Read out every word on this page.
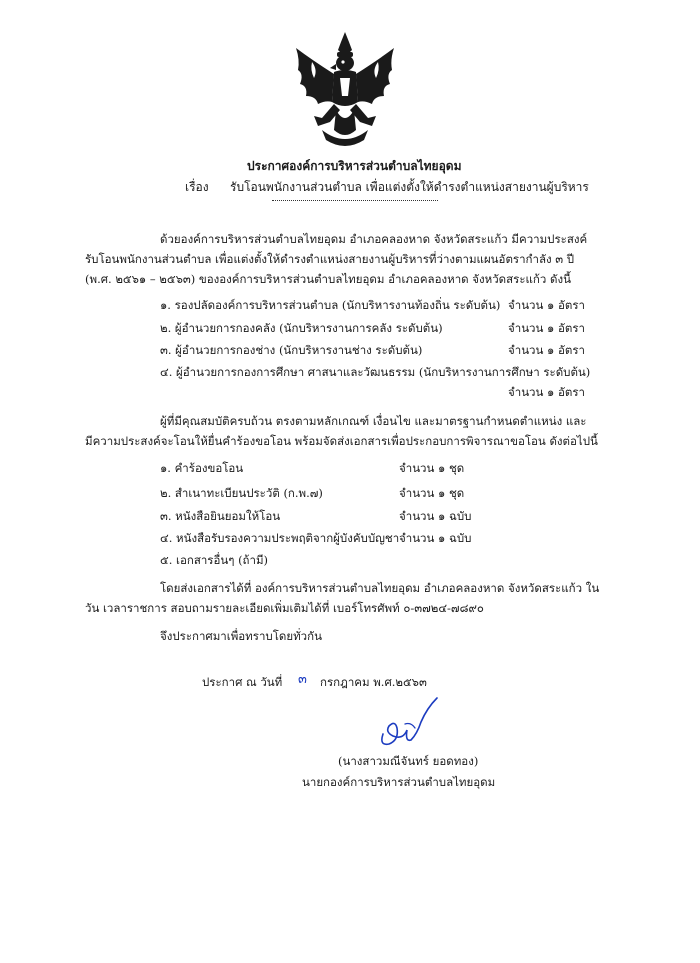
ประกาศองค์การบริหารส่วนตำบลไทยอุดม
เรื่อง รับโอนพนักงานส่วนตำบล เพื่อแต่งตั้งให้ดำรงตำแหน่งสายงานผู้บริหาร
ด้วยองค์การบริหารส่วนตำบลไทยอุดม อำเภอคลองหาด จังหวัดสระแก้ว มีความประสงค์
รับโอนพนักงานส่วนตำบล เพื่อแต่งตั้งให้ดำรงตำแหน่งสายงานผู้บริหารที่ว่างตามแผนอัตรากำลัง ๓ ปี
(พ.ศ. ๒๕๖๑ – ๒๕๖๓) ขององค์การบริหารส่วนตำบลไทยอุดม อำเภอคลองหาด จังหวัดสระแก้ว ดังนี้
๑. รองปลัดองค์การบริหารส่วนตำบล (นักบริหารงานท้องถิ่น ระดับต้น) จำนวน ๑ อัตรา
๒. ผู้อำนวยการกองคลัง (นักบริหารงานการคลัง ระดับต้น)	จำนวน ๑ อัตรา
๓. ผู้อำนวยการกองช่าง (นักบริหารงานช่าง ระดับต้น)	จำนวน ๑ อัตรา
๔. ผู้อำนวยการกองการศึกษา ศาสนาและวัฒนธรรม (นักบริหารงานการศึกษา ระดับต้น)
จำนวน ๑ อัตรา
ผู้ที่มีคุณสมบัติครบถ้วน ตรงตามหลักเกณฑ์ เงื่อนไข และมาตรฐานกำหนดตำแหน่ง และ
มีความประสงค์จะโอนให้ยื่นคำร้องขอโอน พร้อมจัดส่งเอกสารเพื่อประกอบการพิจารณาขอโอน ดังต่อไปนี้
๑. คำร้องขอโอน	จำนวน ๑ ชุด
๒. สำเนาทะเบียนประวัติ (ก.พ.๗)	จำนวน ๑ ชุด
๓. หนังสือยินยอมให้โอน	จำนวน ๑ ฉบับ
๔. หนังสือรับรองความประพฤติจากผู้บังคับบัญชา จำนวน ๑ ฉบับ
๕. เอกสารอื่นๆ (ถ้ามี)
โดยส่งเอกสารได้ที่ องค์การบริหารส่วนตำบลไทยอุดม อำเภอคลองหาด จังหวัดสระแก้ว ใน
วัน เวลาราชการ สอบถามรายละเอียดเพิ่มเติมได้ที่ เบอร์โทรศัพท์ ๐-๓๗๒๔-๗๘๙๐
จึงประกาศมาเพื่อทราบโดยทั่วกัน
ประกาศ ณ วันที่ ๓ กรกฎาคม พ.ศ.๒๕๖๓
(นางสาวมณีจันทร์ ยอดทอง)
นายกองค์การบริหารส่วนตำบลไทยอุดม
